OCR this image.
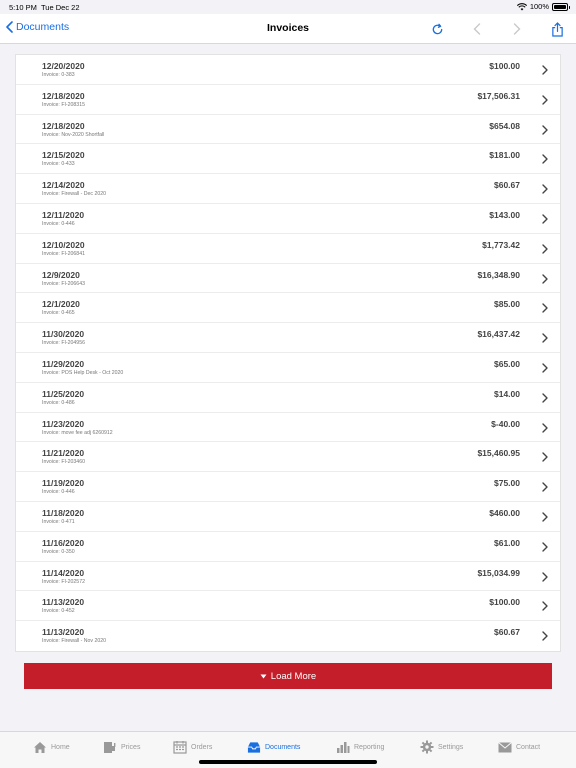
5:10 PM Tue Dec 22	100%
Documents	Invoices
12/20/2020
Invoice: 0-383
$100.00
12/18/2020
Invoice: FI-208315
$17,506.31
12/18/2020
Invoice: Nov-2020 Shortfall
$654.08
12/15/2020
Invoice: 0-433
$181.00
12/14/2020
Invoice: Firewall - Dec 2020
$60.67
12/11/2020
Invoice: 0-446
$143.00
12/10/2020
Invoice: FI-206841
$1,773.42
12/9/2020
Invoice: FI-206643
$16,348.90
12/1/2020
Invoice: 0-465
$85.00
11/30/2020
Invoice: FI-204956
$16,437.42
11/29/2020
Invoice: POS Help Desk - Oct 2020
$65.00
11/25/2020
Invoice: 0-486
$14.00
11/23/2020
Invoice: move fee adj 6260912
$-40.00
11/21/2020
Invoice: FI-203460
$15,460.95
11/19/2020
Invoice: 0-446
$75.00
11/18/2020
Invoice: 0-471
$460.00
11/16/2020
Invoice: 0-350
$61.00
11/14/2020
Invoice: FI-202572
$15,034.99
11/13/2020
Invoice: 0-452
$100.00
11/13/2020
Invoice: Firewall - Nov 2020
$60.67
Load More
Home	Prices	Orders	Documents	Reporting	Settings	Contact
